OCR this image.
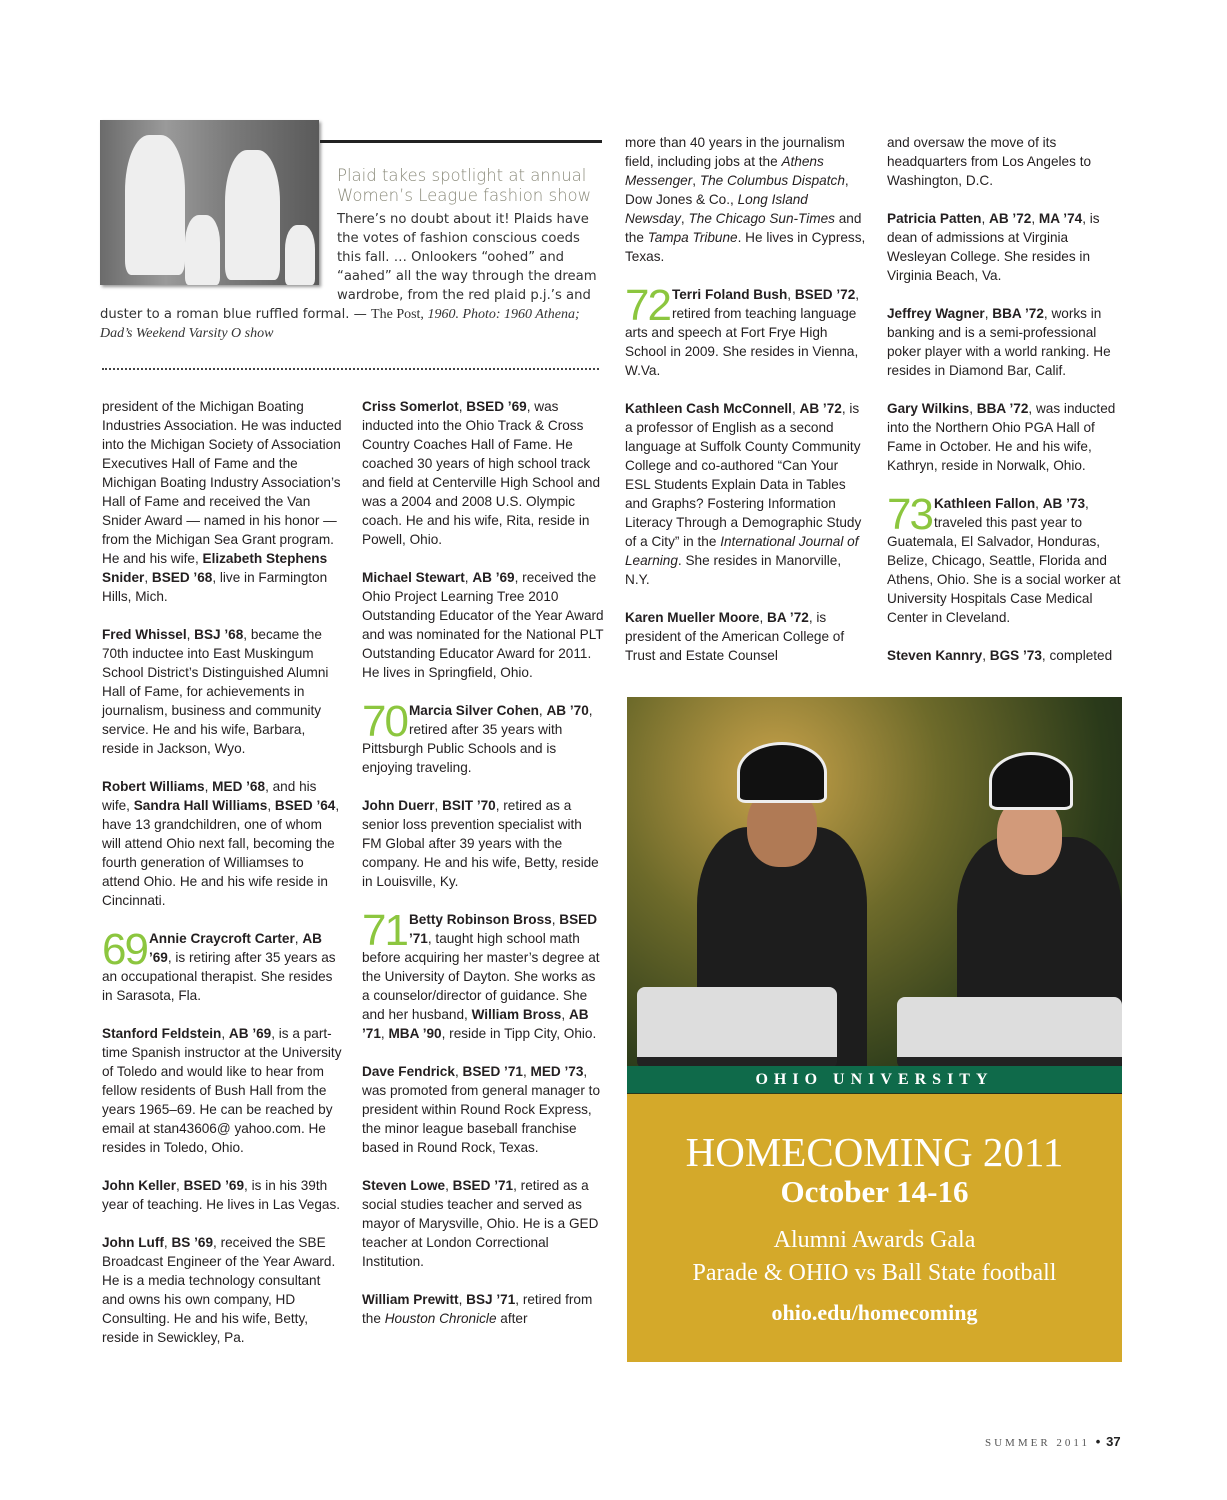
Plaid takes spotlight at annual Women’s League fashion show
There’s no doubt about it! Plaids have the votes of fashion conscious coeds this fall. … Onlookers “oohed” and “aahed” all the way through the dream wardrobe, from the red plaid p.j.’s and duster to a roman blue ruffled formal. — The Post, 1960. Photo: 1960 Athena; Dad’s Weekend Varsity O show

president of the Michigan Boating Industries Association. He was inducted into the Michigan Society of Association Executives Hall of Fame and the Michigan Boating Industry Association’s Hall of Fame and received the Van Snider Award — named in his honor — from the Michigan Sea Grant program. He and his wife, Elizabeth Stephens Snider, BSED ’68, live in Farmington Hills, Mich.

Fred Whissel, BSJ ’68, became the 70th inductee into East Muskingum School District’s Distinguished Alumni Hall of Fame, for achievements in journalism, business and community service. He and his wife, Barbara, reside in Jackson, Wyo.

Robert Williams, MED ’68, and his wife, Sandra Hall Williams, BSED ’64, have 13 grandchildren, one of whom will attend Ohio next fall, becoming the fourth generation of Williamses to attend Ohio. He and his wife reside in Cincinnati.

69 Annie Craycroft Carter, AB ’69, is retiring after 35 years as an occupational therapist. She resides in Sarasota, Fla.

Stanford Feldstein, AB ’69, is a part-time Spanish instructor at the University of Toledo and would like to hear from fellow residents of Bush Hall from the years 1965–69. He can be reached by email at stan43606@ yahoo.com. He resides in Toledo, Ohio.

John Keller, BSED ’69, is in his 39th year of teaching. He lives in Las Vegas.

John Luff, BS ’69, received the SBE Broadcast Engineer of the Year Award. He is a media technology consultant and owns his own company, HD Consulting. He and his wife, Betty, reside in Sewickley, Pa.

Criss Somerlot, BSED ’69, was inducted into the Ohio Track & Cross Country Coaches Hall of Fame. He coached 30 years of high school track and field at Centerville High School and was a 2004 and 2008 U.S. Olympic coach. He and his wife, Rita, reside in Powell, Ohio.

Michael Stewart, AB ’69, received the Ohio Project Learning Tree 2010 Outstanding Educator of the Year Award and was nominated for the National PLT Outstanding Educator Award for 2011. He lives in Springfield, Ohio.

70 Marcia Silver Cohen, AB ’70, retired after 35 years with Pittsburgh Public Schools and is enjoying traveling.

John Duerr, BSIT ’70, retired as a senior loss prevention specialist with FM Global after 39 years with the company. He and his wife, Betty, reside in Louisville, Ky.

71 Betty Robinson Bross, BSED ’71, taught high school math before acquiring her master’s degree at the University of Dayton. She works as a counselor/director of guidance. She and her husband, William Bross, AB ’71, MBA ’90, reside in Tipp City, Ohio.

Dave Fendrick, BSED ’71, MED ’73, was promoted from general manager to president within Round Rock Express, the minor league baseball franchise based in Round Rock, Texas.

Steven Lowe, BSED ’71, retired as a social studies teacher and served as mayor of Marysville, Ohio. He is a GED teacher at London Correctional Institution.

William Prewitt, BSJ ’71, retired from the Houston Chronicle after

more than 40 years in the journalism field, including jobs at the Athens Messenger, The Columbus Dispatch, Dow Jones & Co., Long Island Newsday, The Chicago Sun-Times and the Tampa Tribune. He lives in Cypress, Texas.

72 Terri Foland Bush, BSED ’72, retired from teaching language arts and speech at Fort Frye High School in 2009. She resides in Vienna, W.Va.

Kathleen Cash McConnell, AB ’72, is a professor of English as a second language at Suffolk County Community College and co-authored “Can Your ESL Students Explain Data in Tables and Graphs? Fostering Information Literacy Through a Demographic Study of a City” in the International Journal of Learning. She resides in Manorville, N.Y.

Karen Mueller Moore, BA ’72, is president of the American College of Trust and Estate Counsel

and oversaw the move of its headquarters from Los Angeles to Washington, D.C.

Patricia Patten, AB ’72, MA ’74, is dean of admissions at Virginia Wesleyan College. She resides in Virginia Beach, Va.

Jeffrey Wagner, BBA ’72, works in banking and is a semi-professional poker player with a world ranking. He resides in Diamond Bar, Calif.

Gary Wilkins, BBA ’72, was inducted into the Northern Ohio PGA Hall of Fame in October. He and his wife, Kathryn, reside in Norwalk, Ohio.

73 Kathleen Fallon, AB ’73, traveled this past year to Guatemala, El Salvador, Honduras, Belize, Chicago, Seattle, Florida and Athens, Ohio. She is a social worker at University Hospitals Case Medical Center in Cleveland.

Steven Kannry, BGS ’73, completed

OHIO UNIVERSITY
HOMECOMING 2011
October 14-16
Alumni Awards Gala
Parade & OHIO vs Ball State football
ohio.edu/homecoming
SUMMER 2011 • 37
